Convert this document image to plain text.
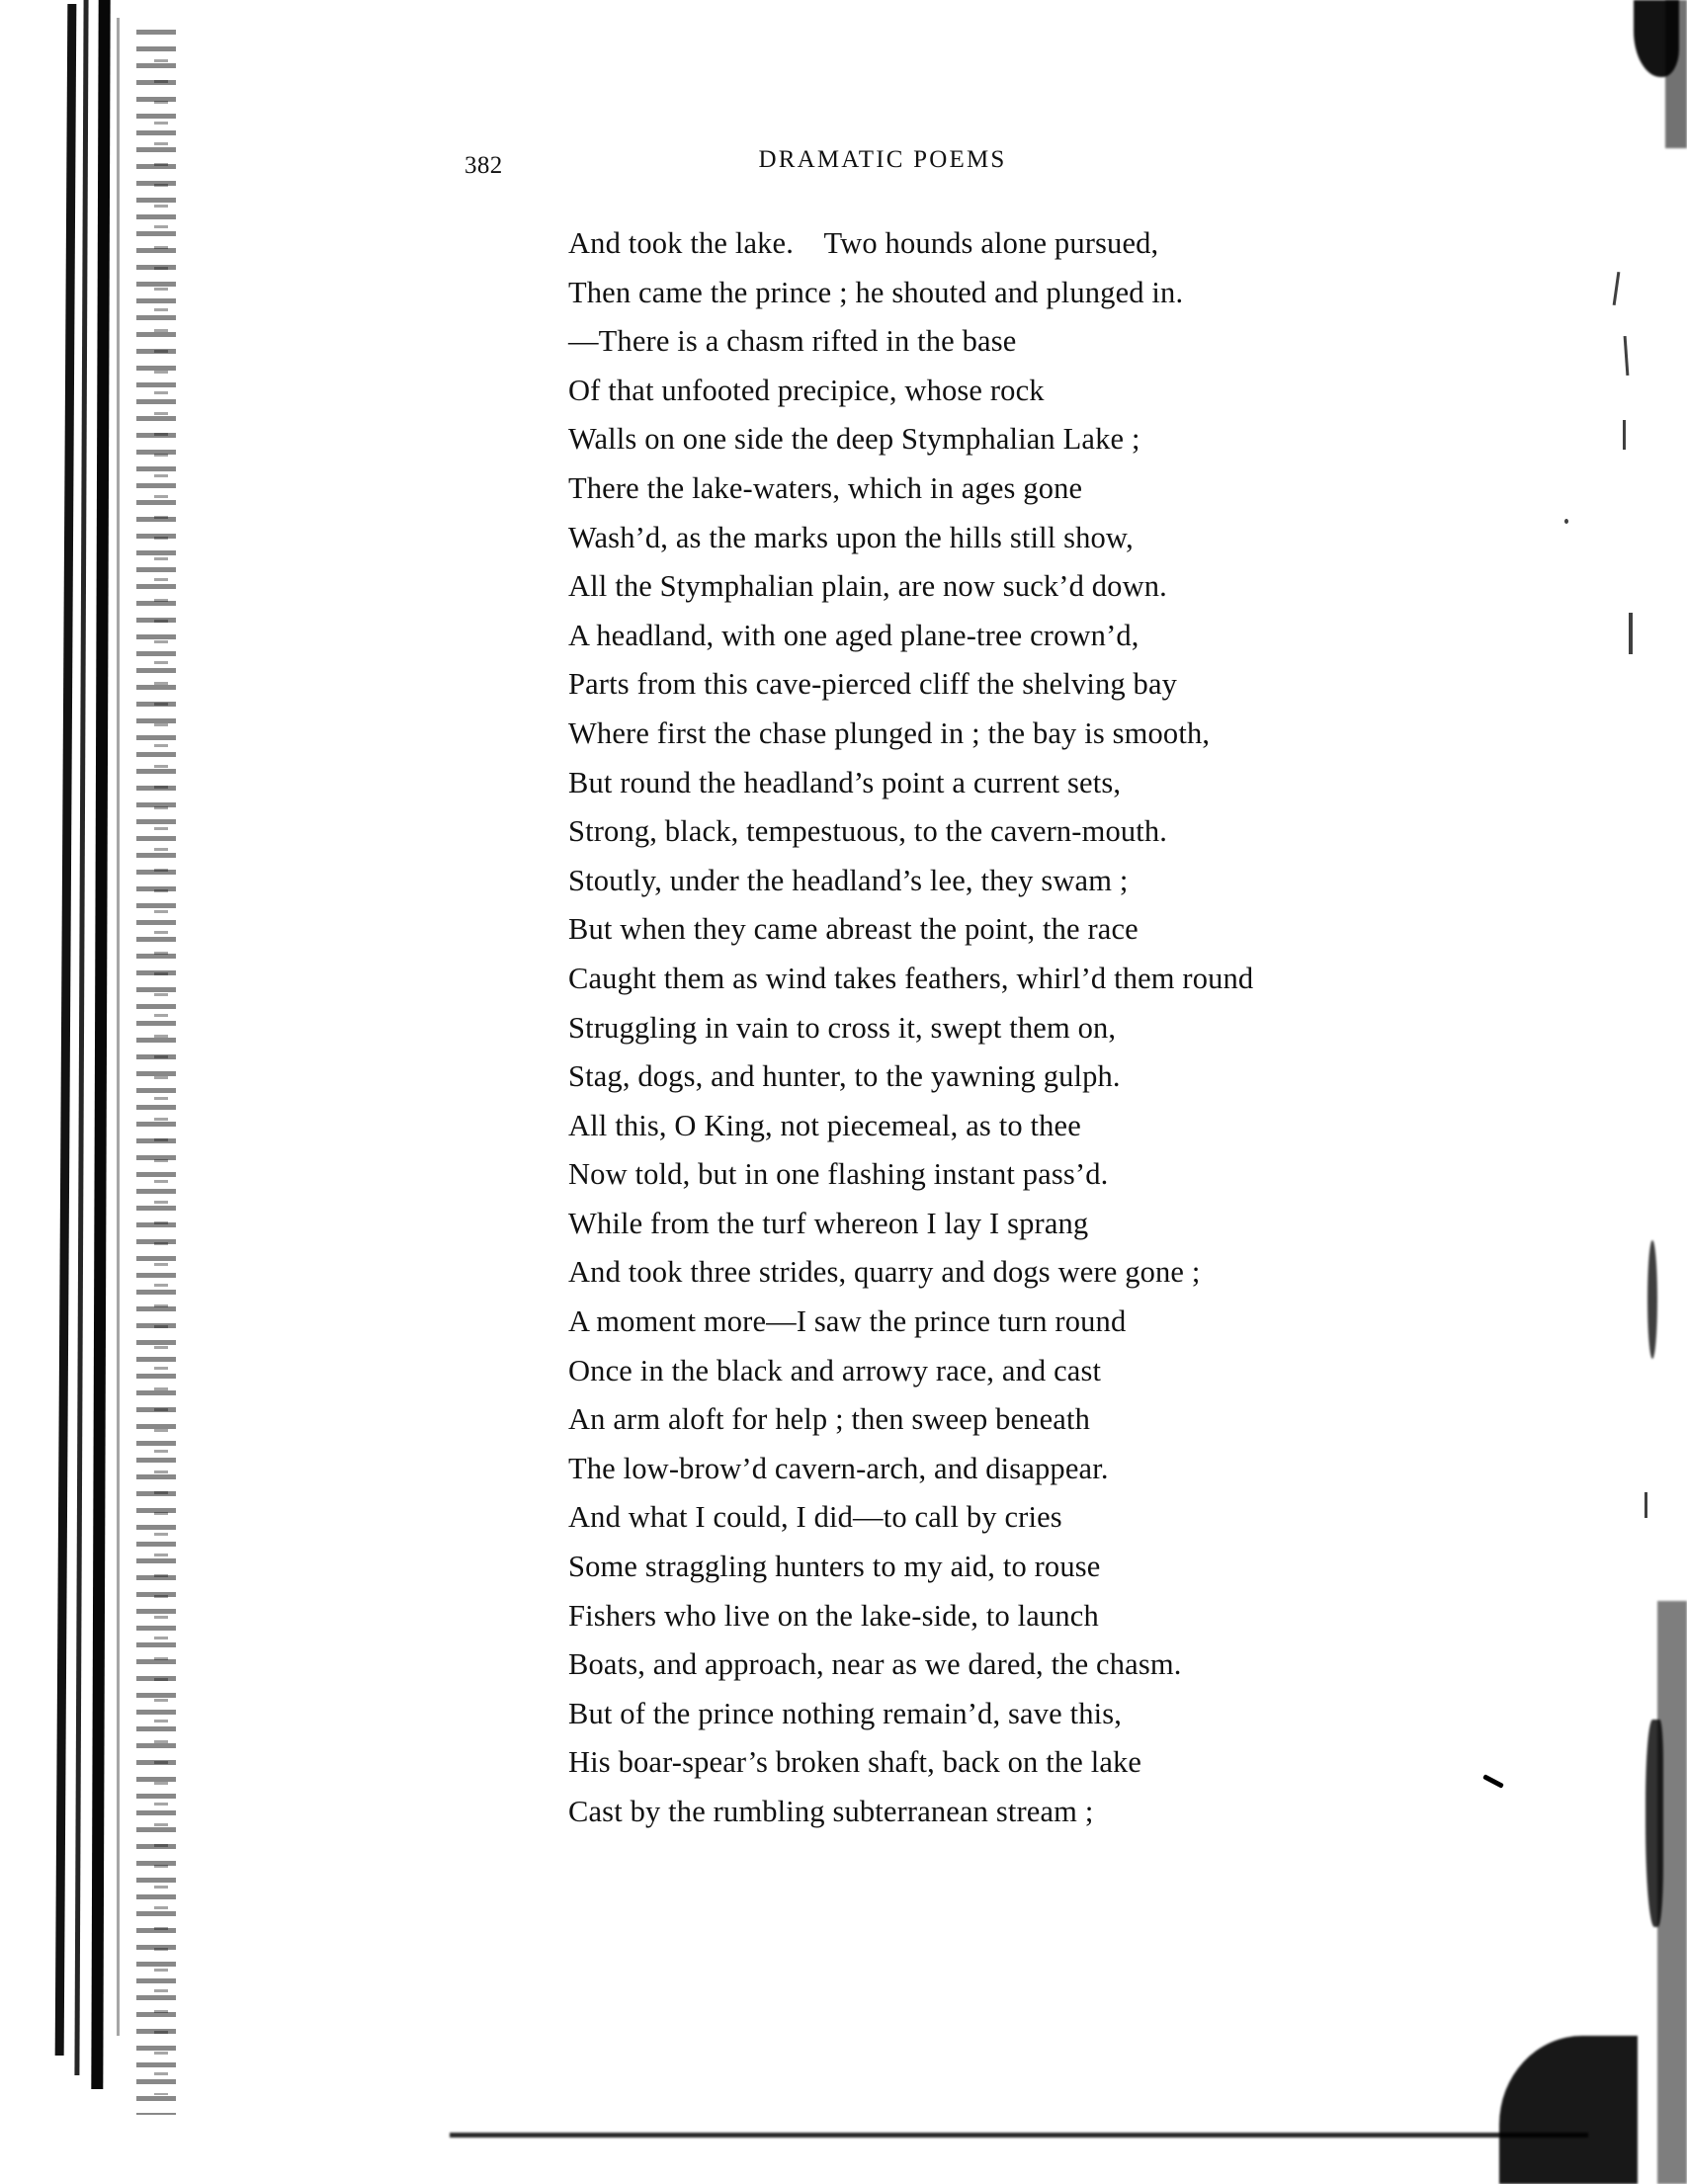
382	DRAMATIC POEMS
And took the lake.    Two hounds alone pursued,
Then came the prince ; he shouted and plunged in.
—There is a chasm rifted in the base
Of that unfooted precipice, whose rock
Walls on one side the deep Stymphalian Lake ;
There the lake-waters, which in ages gone
Wash’d, as the marks upon the hills still show,
All the Stymphalian plain, are now suck’d down.
A headland, with one aged plane-tree crown’d,
Parts from this cave-pierced cliff the shelving bay
Where first the chase plunged in ; the bay is smooth,
But round the headland’s point a current sets,
Strong, black, tempestuous, to the cavern-mouth.
Stoutly, under the headland’s lee, they swam ;
But when they came abreast the point, the race
Caught them as wind takes feathers, whirl’d them round
Struggling in vain to cross it, swept them on,
Stag, dogs, and hunter, to the yawning gulph.
All this, O King, not piecemeal, as to thee
Now told, but in one flashing instant pass’d.
While from the turf whereon I lay I sprang
And took three strides, quarry and dogs were gone ;
A moment more—I saw the prince turn round
Once in the black and arrowy race, and cast
An arm aloft for help ; then sweep beneath
The low-brow’d cavern-arch, and disappear.
And what I could, I did—to call by cries
Some straggling hunters to my aid, to rouse
Fishers who live on the lake-side, to launch
Boats, and approach, near as we dared, the chasm.
But of the prince nothing remain’d, save this,
His boar-spear’s broken shaft, back on the lake
Cast by the rumbling subterranean stream ;
